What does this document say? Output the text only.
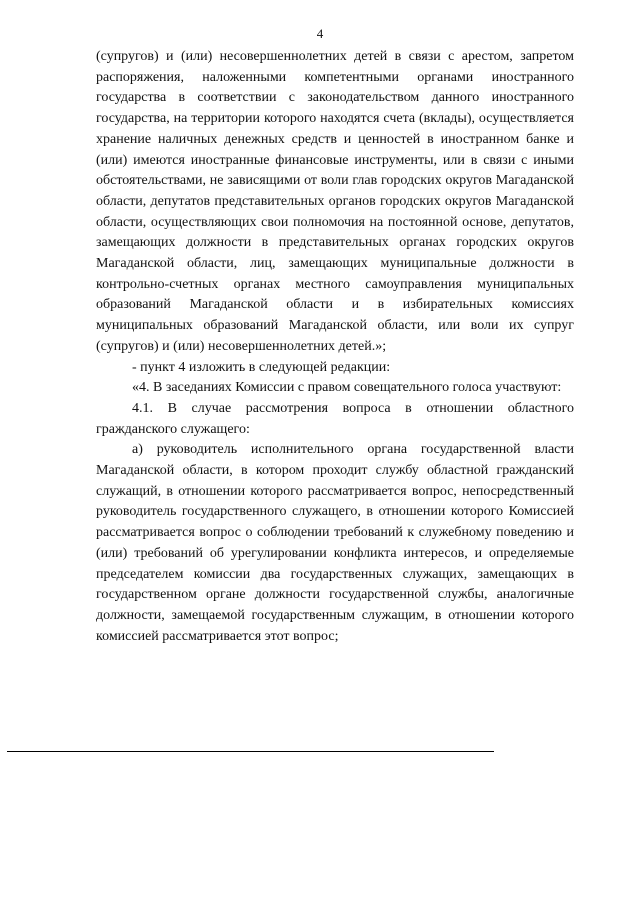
4

(супругов) и (или) несовершеннолетних детей в связи с арестом, запретом распоряжения, наложенными компетентными органами иностранного государства в соответствии с законодательством данного иностранного государства, на территории которого находятся счета (вклады), осуществляется хранение наличных денежных средств и ценностей в иностранном банке и (или) имеются иностранные финансовые инструменты, или в связи с иными обстоятельствами, не зависящими от воли глав городских округов Магаданской области, депутатов представительных органов городских округов Магаданской области, осуществляющих свои полномочия на постоянной основе, депутатов, замещающих должности в представительных органах городских округов Магаданской области, лиц, замещающих муниципальные должности в контрольно-счетных органах местного самоуправления муниципальных образований Магаданской области и в избирательных комиссиях муниципальных образований Магаданской области, или воли их супруг (супругов) и (или) несовершеннолетних детей.»;

- пункт 4 изложить в следующей редакции:

«4. В заседаниях Комиссии с правом совещательного голоса участвуют:

4.1. В случае рассмотрения вопроса в отношении областного гражданского служащего:

а) руководитель исполнительного органа государственной власти Магаданской области, в котором проходит службу областной гражданский служащий, в отношении которого рассматривается вопрос, непосредственный руководитель государственного служащего, в отношении которого Комиссией рассматривается вопрос о соблюдении требований к служебному поведению и (или) требований об урегулировании конфликта интересов, и определяемые председателем комиссии два государственных служащих, замещающих в государственном органе должности государственной службы, аналогичные должности, замещаемой государственным служащим, в отношении которого комиссией рассматривается этот вопрос;
